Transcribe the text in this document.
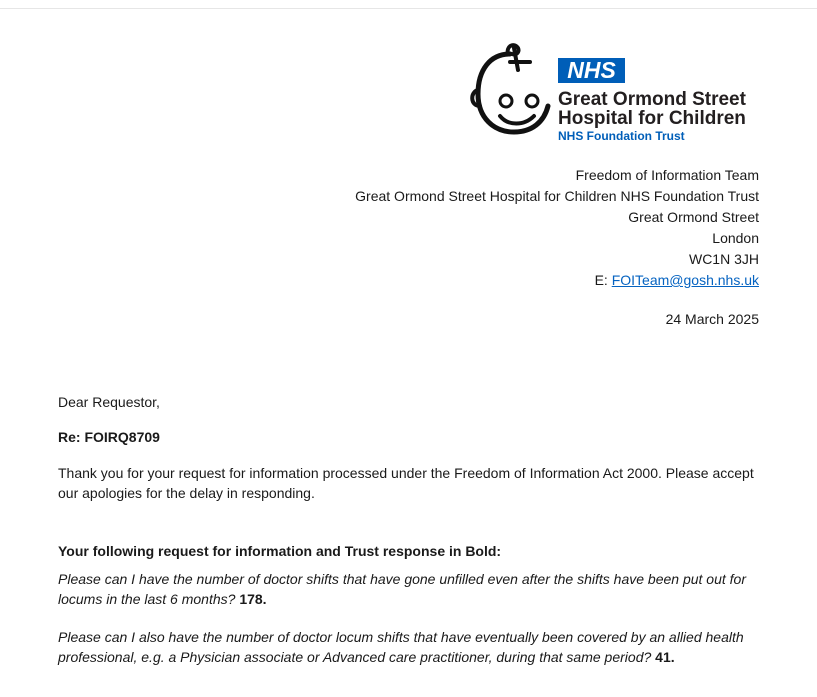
NHS
Great Ormond Street
Hospital for Children
NHS Foundation Trust
Freedom of Information Team
Great Ormond Street Hospital for Children NHS Foundation Trust
Great Ormond Street
London
WC1N 3JH
E: FOITeam@gosh.nhs.uk
24 March 2025
Dear Requestor,
Re: FOIRQ8709
Thank you for your request for information processed under the Freedom of Information Act 2000. Please accept our apologies for the delay in responding.
Your following request for information and Trust response in Bold:
Please can I have the number of doctor shifts that have gone unfilled even after the shifts have been put out for locums in the last 6 months? 178.
Please can I also have the number of doctor locum shifts that have eventually been covered by an allied health professional, e.g. a Physician associate or Advanced care practitioner, during that same period? 41.
